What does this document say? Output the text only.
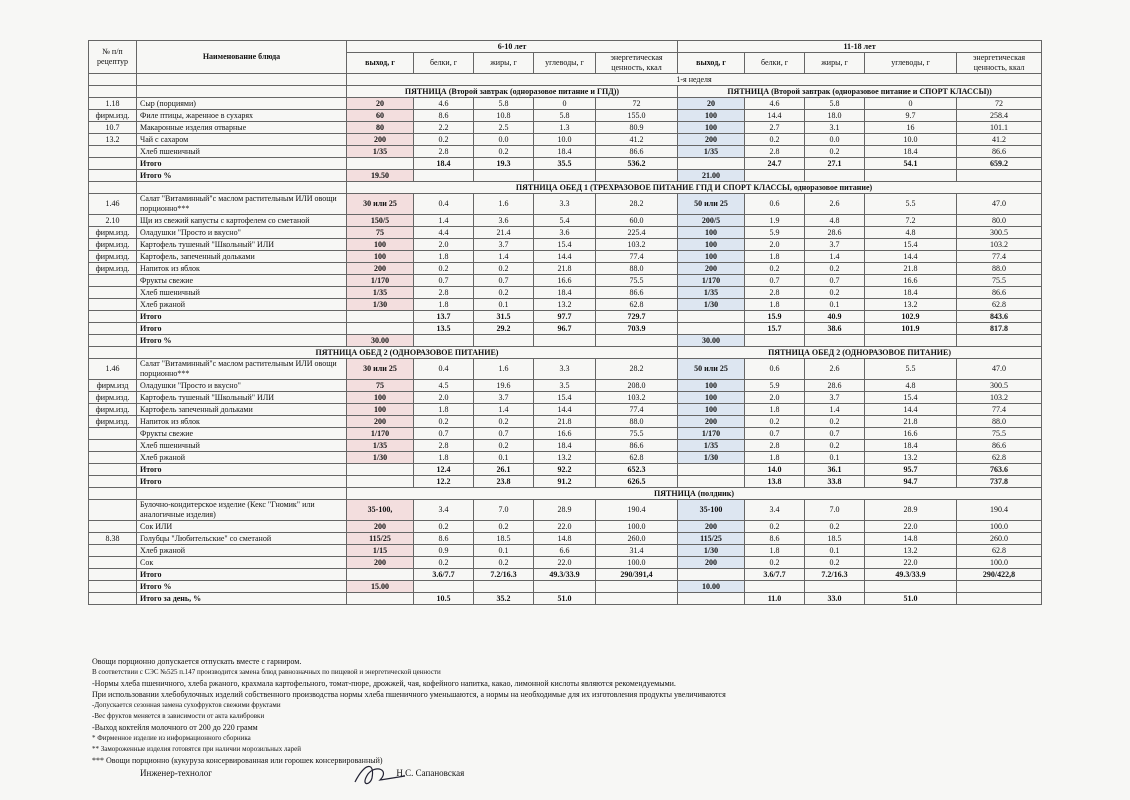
№ п/п рецептур	Наименование блюда	6-10 лет					11-18 лет				
		выход, г	белки, г	жиры, г	углеводы, г	энергетическая ценность, ккал	выход, г	белки, г	жиры, г	углеводы, г	энергетическая ценность, ккал
		1-я неделя									
		ПЯТНИЦА (Второй завтрак (одноразовое питание и ГПД))					ПЯТНИЦА (Второй завтрак (одноразовое питание и СПОРТ КЛАССЫ))				
1.18	Сыр (порциями)	20	4.6	5.8	0	72	20	4.6	5.8	0	72
фирм.изд.	Филе птицы, жаренное в сухарях	60	8.6	10.8	5.8	155.0	100	14.4	18.0	9.7	258.4
10.7	Макаронные изделия отварные	80	2.2	2.5	1.3	80.9	100	2.7	3.1	16	101.1
13.2	Чай с сахаром	200	0.2	0.0	10.0	41.2	200	0.2	0.0	10.0	41.2
	Хлеб пшеничный	1/35	2.8	0.2	18.4	86.6	1/35	2.8	0.2	18.4	86.6
	Итого		18.4	19.3	35.5	536.2		24.7	27.1	54.1	659.2
	Итого %	19.50					21.00				
		ПЯТНИЦА ОБЕД 1 (ТРЕХРАЗОВОЕ ПИТАНИЕ ГПД И СПОРТ КЛАССЫ, одноразовое питание)									
1.46	Салат "Витаминный"с маслом растительным ИЛИ овощи порционно***	30 или 25	0.4	1.6	3.3	28.2	50 или 25	0.6	2.6	5.5	47.0
2.10	Щи из свежий капусты с картофелем со сметаной	150/5	1.4	3.6	5.4	60.0	200/5	1.9	4.8	7.2	80.0
фирм.изд.	Оладушки "Просто и вкусно"	75	4.4	21.4	3.6	225.4	100	5.9	28.6	4.8	300.5
фирм.изд.	Картофель тушеный "Школьный" ИЛИ	100	2.0	3.7	15.4	103.2	100	2.0	3.7	15.4	103.2
фирм.изд.	Картофель, запеченный дольками	100	1.8	1.4	14.4	77.4	100	1.8	1.4	14.4	77.4
фирм.изд.	Напиток из яблок	200	0.2	0.2	21.8	88.0	200	0.2	0.2	21.8	88.0
	Фрукты свежие	1/170	0.7	0.7	16.6	75.5	1/170	0.7	0.7	16.6	75.5
	Хлеб пшеничный	1/35	2.8	0.2	18.4	86.6	1/35	2.8	0.2	18.4	86.6
	Хлеб ржаной	1/30	1.8	0.1	13.2	62.8	1/30	1.8	0.1	13.2	62.8
	Итого		13.7	31.5	97.7	729.7		15.9	40.9	102.9	843.6
	Итого		13.5	29.2	96.7	703.9		15.7	38.6	101.9	817.8
	Итого %	30.00					30.00				
	ПЯТНИЦА ОБЕД 2 (ОДНОРАЗОВОЕ ПИТАНИЕ)						ПЯТНИЦА ОБЕД 2 (ОДНОРАЗОВОЕ ПИТАНИЕ)				
1.46	Салат "Витаминный"с маслом растительным ИЛИ овощи порционно***	30 или 25	0.4	1.6	3.3	28.2	50 или 25	0.6	2.6	5.5	47.0
фирм.изд	Оладушки "Просто и вкусно"	75	4.5	19.6	3.5	208.0	100	5.9	28.6	4.8	300.5
фирм.изд.	Картофель тушеный "Школьный" ИЛИ	100	2.0	3.7	15.4	103.2	100	2.0	3.7	15.4	103.2
фирм.изд.	Картофель запеченный дольками	100	1.8	1.4	14.4	77.4	100	1.8	1.4	14.4	77.4
фирм.изд.	Напиток из яблок	200	0.2	0.2	21.8	88.0	200	0.2	0.2	21.8	88.0
	Фрукты свежие	1/170	0.7	0.7	16.6	75.5	1/170	0.7	0.7	16.6	75.5
	Хлеб пшеничный	1/35	2.8	0.2	18.4	86.6	1/35	2.8	0.2	18.4	86.6
	Хлеб ржаной	1/30	1.8	0.1	13.2	62.8	1/30	1.8	0.1	13.2	62.8
	Итого		12.4	26.1	92.2	652.3		14.0	36.1	95.7	763.6
	Итого		12.2	23.8	91.2	626.5		13.8	33.8	94.7	737.8
		ПЯТНИЦА (полдник)									
	Булочно-кондитерское изделие (Кекс "Гномик" или аналогичные изделия)	35-100,	3.4	7.0	28.9	190.4	35-100	3.4	7.0	28.9	190.4
	Сок ИЛИ	200	0.2	0.2	22.0	100.0	200	0.2	0.2	22.0	100.0
8.38	Голубцы "Любительские" со сметаной	115/25	8.6	18.5	14.8	260.0	115/25	8.6	18.5	14.8	260.0
	Хлеб ржаной	1/15	0.9	0.1	6.6	31.4	1/30	1.8	0.1	13.2	62.8
	Сок	200	0.2	0.2	22.0	100.0	200	0.2	0.2	22.0	100.0
	Итого		3.6/7.7	7.2/16.3	49.3/33.9	290/391,4		3.6/7.7	7.2/16.3	49.3/33.9	290/422,8
	Итого %	15.00					10.00				
	Итого за день, %		10.5	35.2	51.0			11.0	33.0	51.0	

Овощи порционно допускается отпускать вместе с гарниром.
В соответствии с СЭС №525 п.147 производится замена блюд равнозначных по пищевой и энергетической ценности
-Нормы хлеба пшеничного, хлеба ржаного, крахмала картофельного, томат-пюре, дрожжей, чая, кофейного напитка, какао, лимонной кислоты являются рекомендуемыми.
При использовании хлебобулочных изделий собственного производства нормы хлеба пшеничного уменьшаются, а нормы на необходимые для их изготовления продукты увеличиваются
-Допускается сезонная замена сухофруктов свежими фруктами
-Вес фруктов меняется в зависимости от акта калибровки
-Выход коктейля молочного от 200 до 220 грамм
* Фирменное изделие из информационного сборника
** Замороженные изделия готовятся при наличии морозильных ларей
*** Овощи порционно (кукуруза консервированная или горошек консервированный)
Инженер-технолог	Н.С. Сапановская
